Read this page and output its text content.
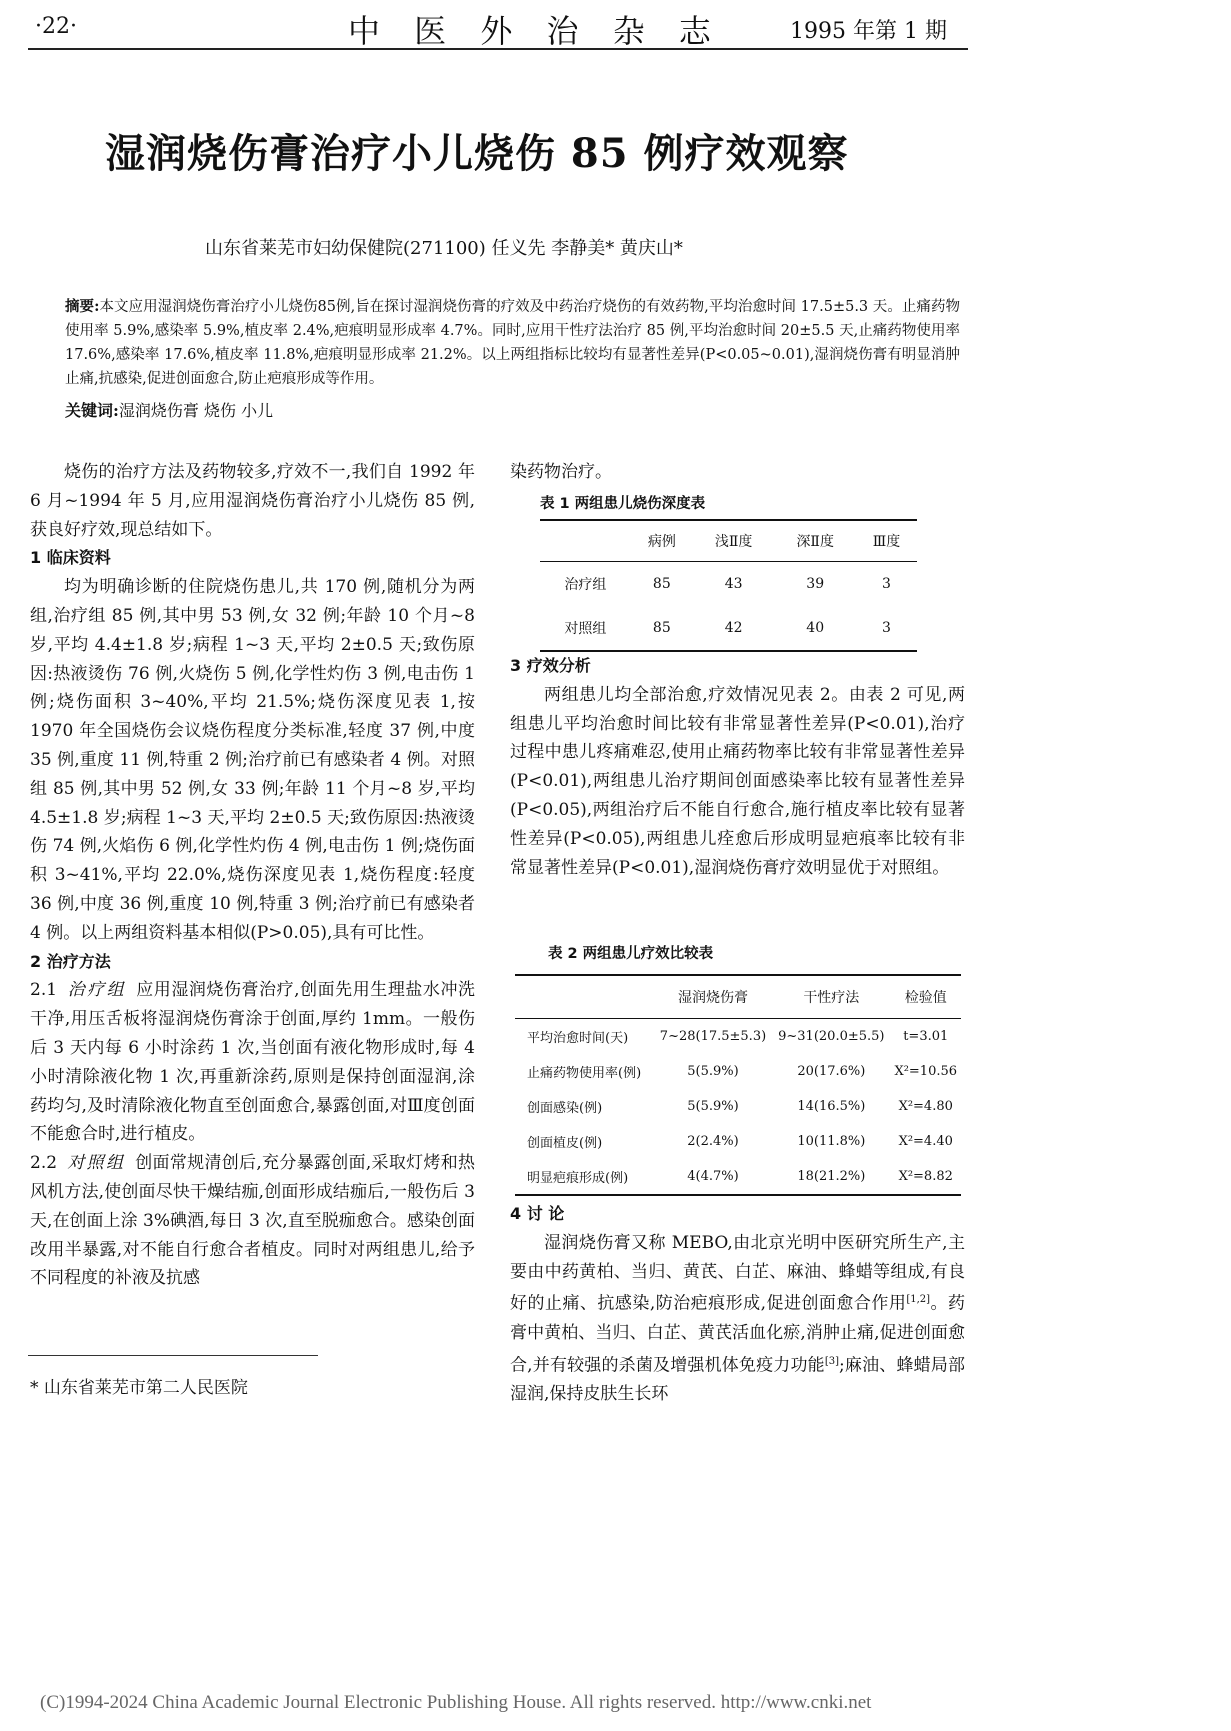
·22·	中 医 外 治 杂 志	1995 年第 1 期
湿润烧伤膏治疗小儿烧伤 85 例疗效观察
山东省莱芜市妇幼保健院(271100) 任义先 李静美* 黄庆山*
摘要:本文应用湿润烧伤膏治疗小儿烧伤85例,旨在探讨湿润烧伤膏的疗效及中药治疗烧伤的有效药物,平均治愈时间 17.5±5.3 天。止痛药物使用率 5.9%,感染率 5.9%,植皮率 2.4%,疤痕明显形成率 4.7%。同时,应用干性疗法治疗 85 例,平均治愈时间 20±5.5 天,止痛药物使用率 17.6%,感染率 17.6%,植皮率 11.8%,疤痕明显形成率 21.2%。以上两组指标比较均有显著性差异(P<0.05~0.01),湿润烧伤膏有明显消肿止痛,抗感染,促进创面愈合,防止疤痕形成等作用。
关键词:湿润烧伤膏 烧伤 小儿

烧伤的治疗方法及药物较多,疗效不一,我们自 1992 年 6 月~1994 年 5 月,应用湿润烧伤膏治疗小儿烧伤 85 例,获良好疗效,现总结如下。

1 临床资料

均为明确诊断的住院烧伤患儿,共 170 例,随机分为两组,治疗组 85 例,其中男 53 例,女 32 例;年龄 10 个月~8 岁,平均 4.4±1.8 岁;病程 1~3 天,平均 2±0.5 天;致伤原因:热液烫伤 76 例,火烧伤 5 例,化学性灼伤 3 例,电击伤 1 例;烧伤面积 3~40%,平均 21.5%;烧伤深度见表 1,按 1970 年全国烧伤会议烧伤程度分类标准,轻度 37 例,中度 35 例,重度 11 例,特重 2 例;治疗前已有感染者 4 例。对照组 85 例,其中男 52 例,女 33 例;年龄 11 个月~8 岁,平均 4.5±1.8 岁;病程 1~3 天,平均 2±0.5 天;致伤原因:热液烫伤 74 例,火焰伤 6 例,化学性灼伤 4 例,电击伤 1 例;烧伤面积 3~41%,平均 22.0%,烧伤深度见表 1,烧伤程度:轻度 36 例,中度 36 例,重度 10 例,特重 3 例;治疗前已有感染者 4 例。以上两组资料基本相似(P>0.05),具有可比性。

2 治疗方法

2.1 治疗组 应用湿润烧伤膏治疗,创面先用生理盐水冲洗干净,用压舌板将湿润烧伤膏涂于创面,厚约 1mm。一般伤后 3 天内每 6 小时涂药 1 次,当创面有液化物形成时,每 4 小时清除液化物 1 次,再重新涂药,原则是保持创面湿润,涂药均匀,及时清除液化物直至创面愈合,暴露创面,对Ⅲ度创面不能愈合时,进行植皮。

2.2 对照组 创面常规清创后,充分暴露创面,采取灯烤和热风机方法,使创面尽快干燥结痂,创面形成结痂后,一般伤后 3 天,在创面上涂 3%碘酒,每日 3 次,直至脱痂愈合。感染创面改用半暴露,对不能自行愈合者植皮。同时对两组患儿,给予不同程度的补液及抗感

染药物治疗。
表 1 两组患儿烧伤深度表
	病例	浅Ⅱ度	深Ⅱ度	Ⅲ度
治疗组	85	43	39	3
对照组	85	42	40	3

3 疗效分析

两组患儿均全部治愈,疗效情况见表 2。由表 2 可见,两组患儿平均治愈时间比较有非常显著性差异(P<0.01),治疗过程中患儿疼痛难忍,使用止痛药物率比较有非常显著性差异(P<0.01),两组患儿治疗期间创面感染率比较有显著性差异(P<0.05),两组治疗后不能自行愈合,施行植皮率比较有显著性差异(P<0.05),两组患儿痊愈后形成明显疤痕率比较有非常显著性差异(P<0.01),湿润烧伤膏疗效明显优于对照组。

表 2 两组患儿疗效比较表
	湿润烧伤膏	干性疗法	检验值
平均治愈时间(天)	7~28(17.5±5.3)	9~31(20.0±5.5)	t=3.01
止痛药物使用率(例)	5(5.9%)	20(17.6%)	X²=10.56
创面感染(例)	5(5.9%)	14(16.5%)	X²=4.80
创面植皮(例)	2(2.4%)	10(11.8%)	X²=4.40
明显疤痕形成(例)	4(4.7%)	18(21.2%)	X²=8.82

4 讨 论

湿润烧伤膏又称 MEBO,由北京光明中医研究所生产,主要由中药黄柏、当归、黄芪、白芷、麻油、蜂蜡等组成,有良好的止痛、抗感染,防治疤痕形成,促进创面愈合作用[1,2]。药膏中黄柏、当归、白芷、黄芪活血化瘀,消肿止痛,促进创面愈合,并有较强的杀菌及增强机体免疫力功能[3];麻油、蜂蜡局部湿润,保持皮肤生长环

* 山东省莱芜市第二人民医院
(C)1994-2024 China Academic Journal Electronic Publishing House. All rights reserved. http://www.cnki.net
